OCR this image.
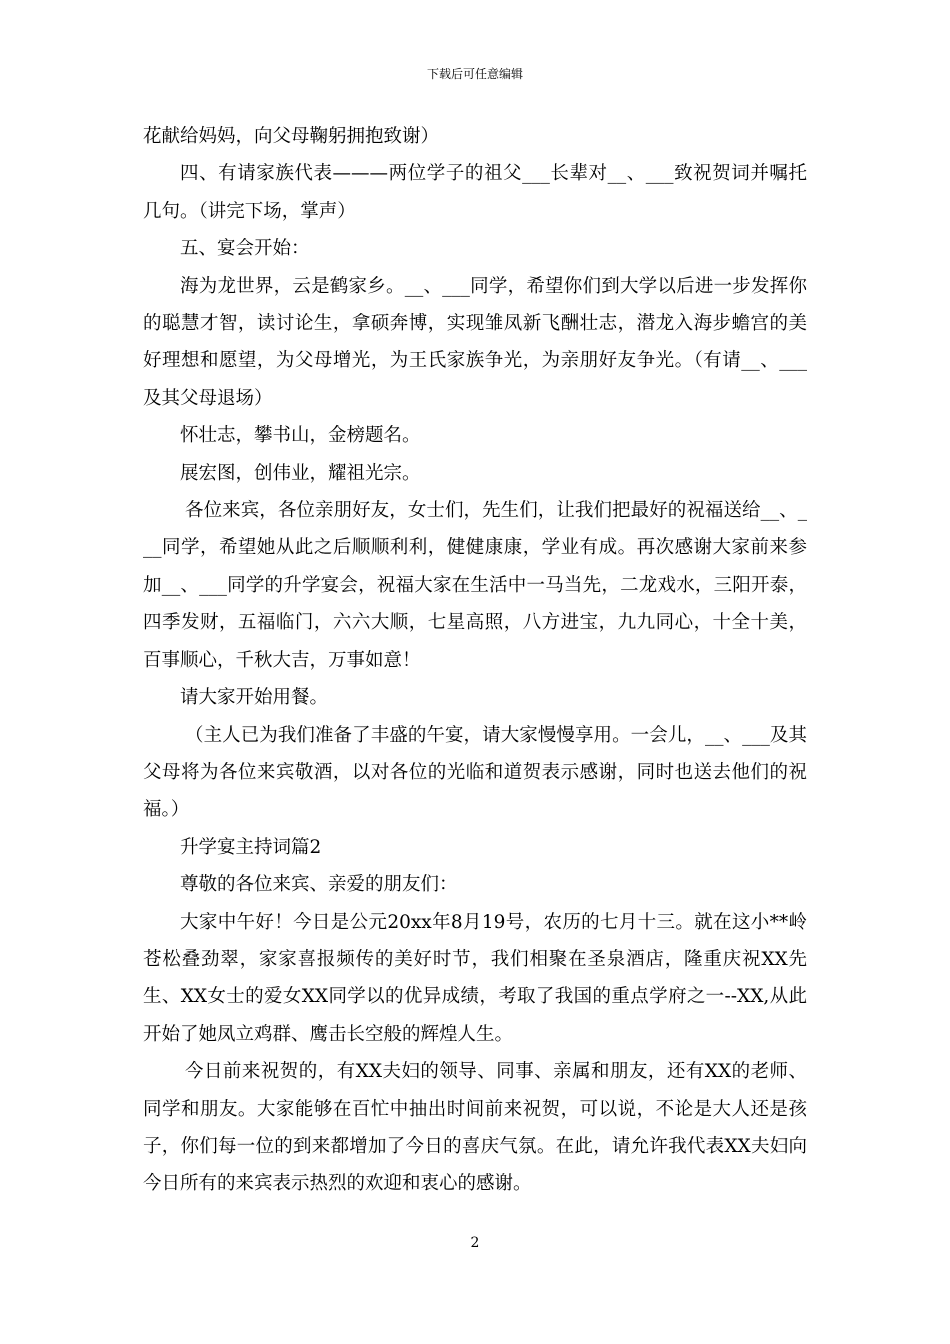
下载后可任意编辑

花献给妈妈，向父母鞠躬拥抱致谢）

四、有请家族代表———两位学子的祖父___长辈对__、___致祝贺词并嘱托几句。（讲完下场，掌声）

五、宴会开始：

海为龙世界，云是鹤家乡。__、___同学，希望你们到大学以后进一步发挥你的聪慧才智，读讨论生，拿硕奔博，实现雏凤新飞酬壮志，潜龙入海步蟾宫的美好理想和愿望，为父母增光，为王氏家族争光，为亲朋好友争光。（有请__、___及其父母退场）

怀壮志，攀书山，金榜题名。

展宏图，创伟业，耀祖光宗。

各位来宾，各位亲朋好友，女士们，先生们，让我们把最好的祝福送给__、___同学，希望她从此之后顺顺利利，健健康康，学业有成。再次感谢大家前来参加__、___同学的升学宴会，祝福大家在生活中一马当先，二龙戏水，三阳开泰，四季发财，五福临门，六六大顺，七星高照，八方进宝，九九同心，十全十美，百事顺心，千秋大吉，万事如意！

请大家开始用餐。

（主人已为我们准备了丰盛的午宴，请大家慢慢享用。一会儿，__、___及其父母将为各位来宾敬酒，以对各位的光临和道贺表示感谢，同时也送去他们的祝福。）

升学宴主持词篇2

尊敬的各位来宾、亲爱的朋友们：

大家中午好！今日是公元20xx年8月19号，农历的七月十三。就在这小**岭苍松叠劲翠，家家喜报频传的美好时节，我们相聚在圣泉酒店，隆重庆祝XX先生、XX女士的爱女XX同学以的优异成绩，考取了我国的重点学府之一--XX,从此开始了她凤立鸡群、鹰击长空般的辉煌人生。

今日前来祝贺的，有XX夫妇的领导、同事、亲属和朋友，还有XX的老师、同学和朋友。大家能够在百忙中抽出时间前来祝贺，可以说，不论是大人还是孩子，你们每一位的到来都增加了今日的喜庆气氛。在此，请允许我代表XX夫妇向今日所有的来宾表示热烈的欢迎和衷心的感谢。

2
